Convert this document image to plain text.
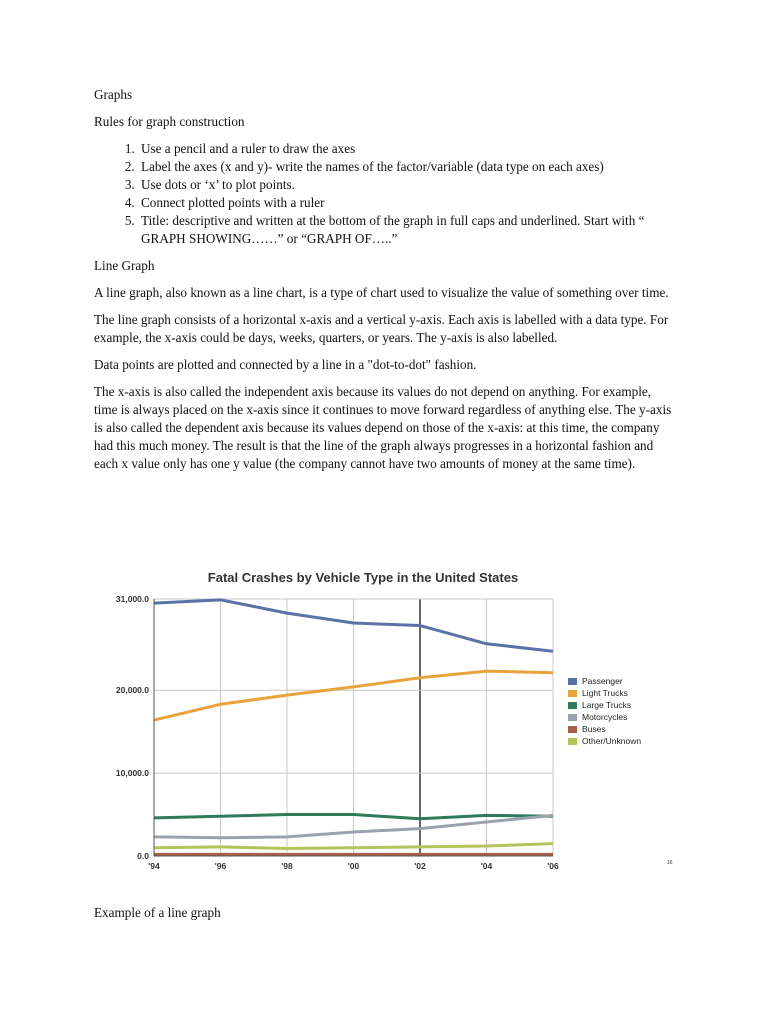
Graphs

Rules for graph construction

1. Use a pencil and a ruler to draw the axes
2. Label the axes (x and y)- write the names of the factor/variable (data type on each axes)
3. Use dots or ‘x’ to plot points.
4. Connect plotted points with a ruler
5. Title: descriptive and written at the bottom of the graph in full caps and underlined. Start with “ GRAPH SHOWING……” or “GRAPH OF…..”

Line Graph

A line graph, also known as a line chart, is a type of chart used to visualize the value of something over time.

The line graph consists of a horizontal x-axis and a vertical y-axis. Each axis is labelled with a data type. For example, the x-axis could be days, weeks, quarters, or years. The y-axis is also labelled.

Data points are plotted and connected by a line in a "dot-to-dot" fashion.

The x-axis is also called the independent axis because its values do not depend on anything. For example, time is always placed on the x-axis since it continues to move forward regardless of anything else. The y-axis is also called the dependent axis because its values depend on those of the x-axis: at this time, the company had this much money. The result is that the line of the graph always progresses in a horizontal fashion and each x value only has one y value (the company cannot have two amounts of money at the same time).

Fatal Crashes by Vehicle Type in the United States
'94	'96	'98	'00	'02	'04	'06
0.0
10,000.0
20,000.0
31,000.0
Passenger
Light Trucks
Large Trucks
Motorcycles
Buses
Other/Unknown
16

Example of a line graph
